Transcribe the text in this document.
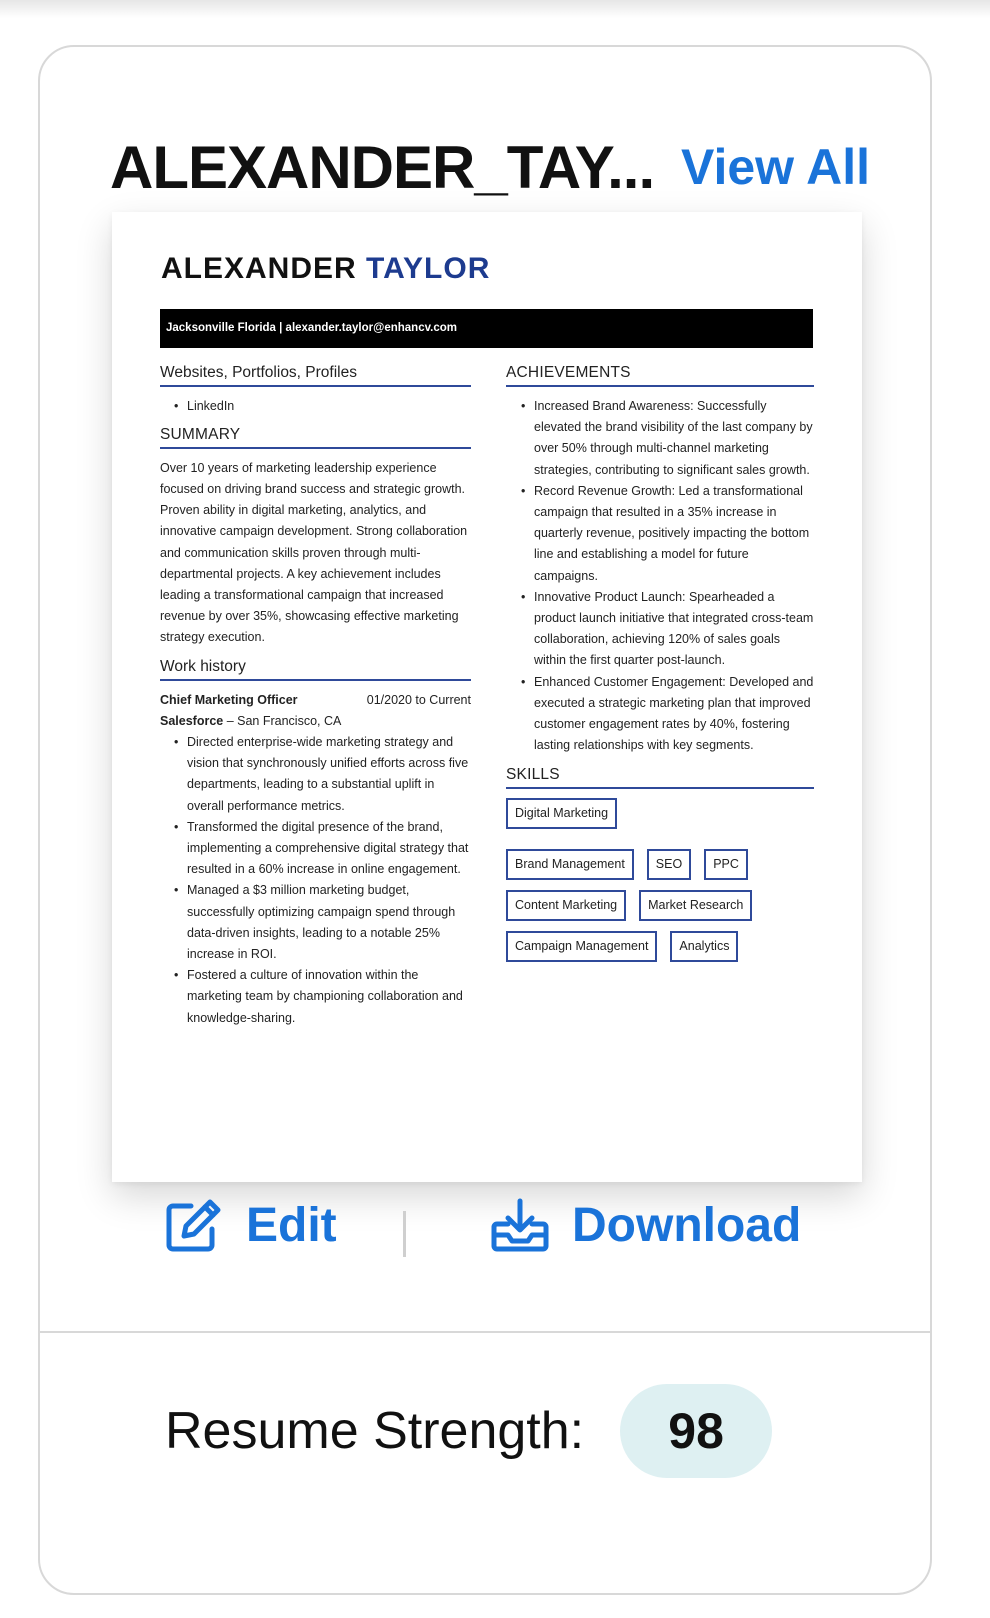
ALEXANDER_TAY... View All
ALEXANDER TAYLOR
Jacksonville Florida | alexander.taylor@enhancv.com
Websites, Portfolios, Profiles
• LinkedIn
SUMMARY

Over 10 years of marketing leadership experience focused on driving brand success and strategic growth. Proven ability in digital marketing, analytics, and innovative campaign development. Strong collaboration and communication skills proven through multi-departmental projects. A key achievement includes leading a transformational campaign that increased revenue by over 35%, showcasing effective marketing strategy execution.

Work history
Chief Marketing Officer	01/2020 to Current
Salesforce – San Francisco, CA
• Directed enterprise-wide marketing strategy and vision that synchronously unified efforts across five departments, leading to a substantial uplift in overall performance metrics.
• Transformed the digital presence of the brand, implementing a comprehensive digital strategy that resulted in a 60% increase in online engagement.
• Managed a $3 million marketing budget, successfully optimizing campaign spend through data-driven insights, leading to a notable 25% increase in ROI.
• Fostered a culture of innovation within the marketing team by championing collaboration and knowledge-sharing.
ACHIEVEMENTS
• Increased Brand Awareness: Successfully elevated the brand visibility of the last company by over 50% through multi-channel marketing strategies, contributing to significant sales growth.
• Record Revenue Growth: Led a transformational campaign that resulted in a 35% increase in quarterly revenue, positively impacting the bottom line and establishing a model for future campaigns.
• Innovative Product Launch: Spearheaded a product launch initiative that integrated cross-team collaboration, achieving 120% of sales goals within the first quarter post-launch.
• Enhanced Customer Engagement: Developed and executed a strategic marketing plan that improved customer engagement rates by 40%, fostering lasting relationships with key segments.
SKILLS
Digital Marketing
Brand Management	SEO	PPC
Content Marketing	Market Research
Campaign Management	Analytics
Edit	Download
Resume Strength:	98
